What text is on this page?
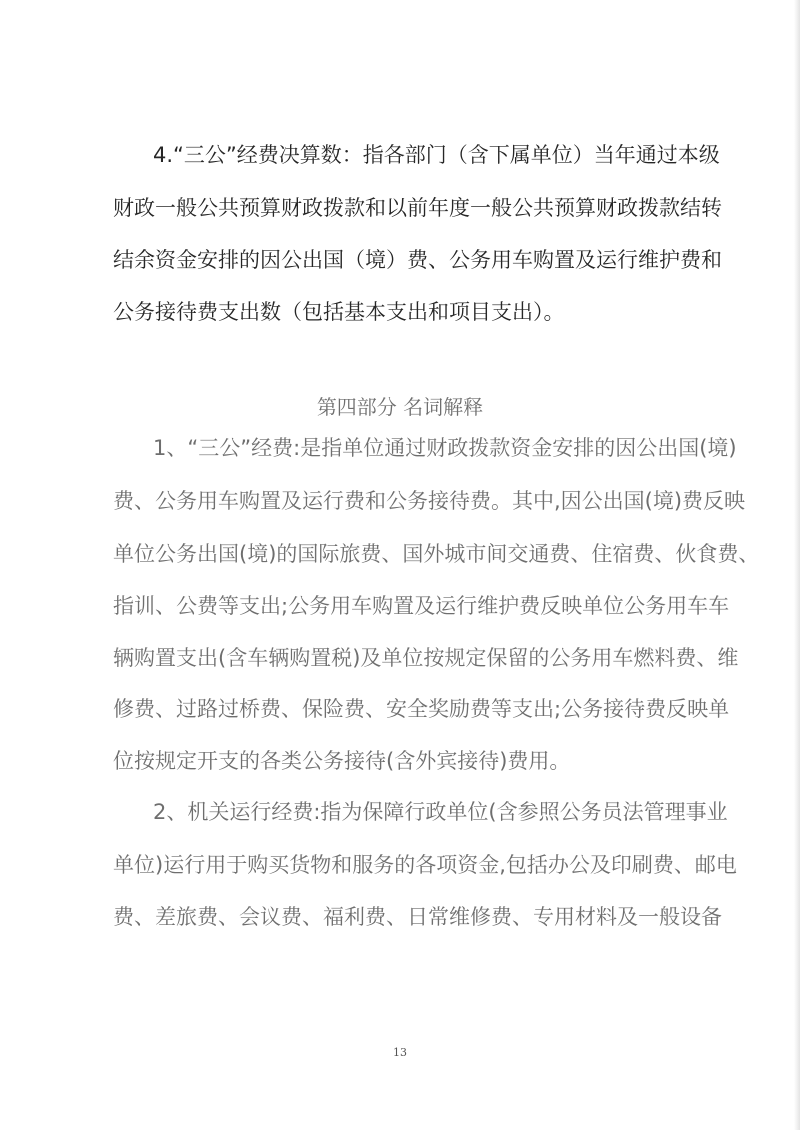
4.“三公”经费决算数：指各部门（含下属单位）当年通过本级

财政一般公共预算财政拨款和以前年度一般公共预算财政拨款结转

结余资金安排的因公出国（境）费、公务用车购置及运行维护费和

公务接待费支出数（包括基本支出和项目支出）。

第四部分 名词解释

1、“三公”经费:是指单位通过财政拨款资金安排的因公出国(境)

费、公务用车购置及运行费和公务接待费。其中,因公出国(境)费反映

单位公务出国(境)的国际旅费、国外城市间交通费、住宿费、伙食费、

指训、公费等支出;公务用车购置及运行维护费反映单位公务用车车

辆购置支出(含车辆购置税)及单位按规定保留的公务用车燃料费、维

修费、过路过桥费、保险费、安全奖励费等支出;公务接待费反映单

位按规定开支的各类公务接待(含外宾接待)费用。

2、机关运行经费:指为保障行政单位(含参照公务员法管理事业

单位)运行用于购买货物和服务的各项资金,包括办公及印刷费、邮电

费、差旅费、会议费、福利费、日常维修费、专用材料及一般设备

13
